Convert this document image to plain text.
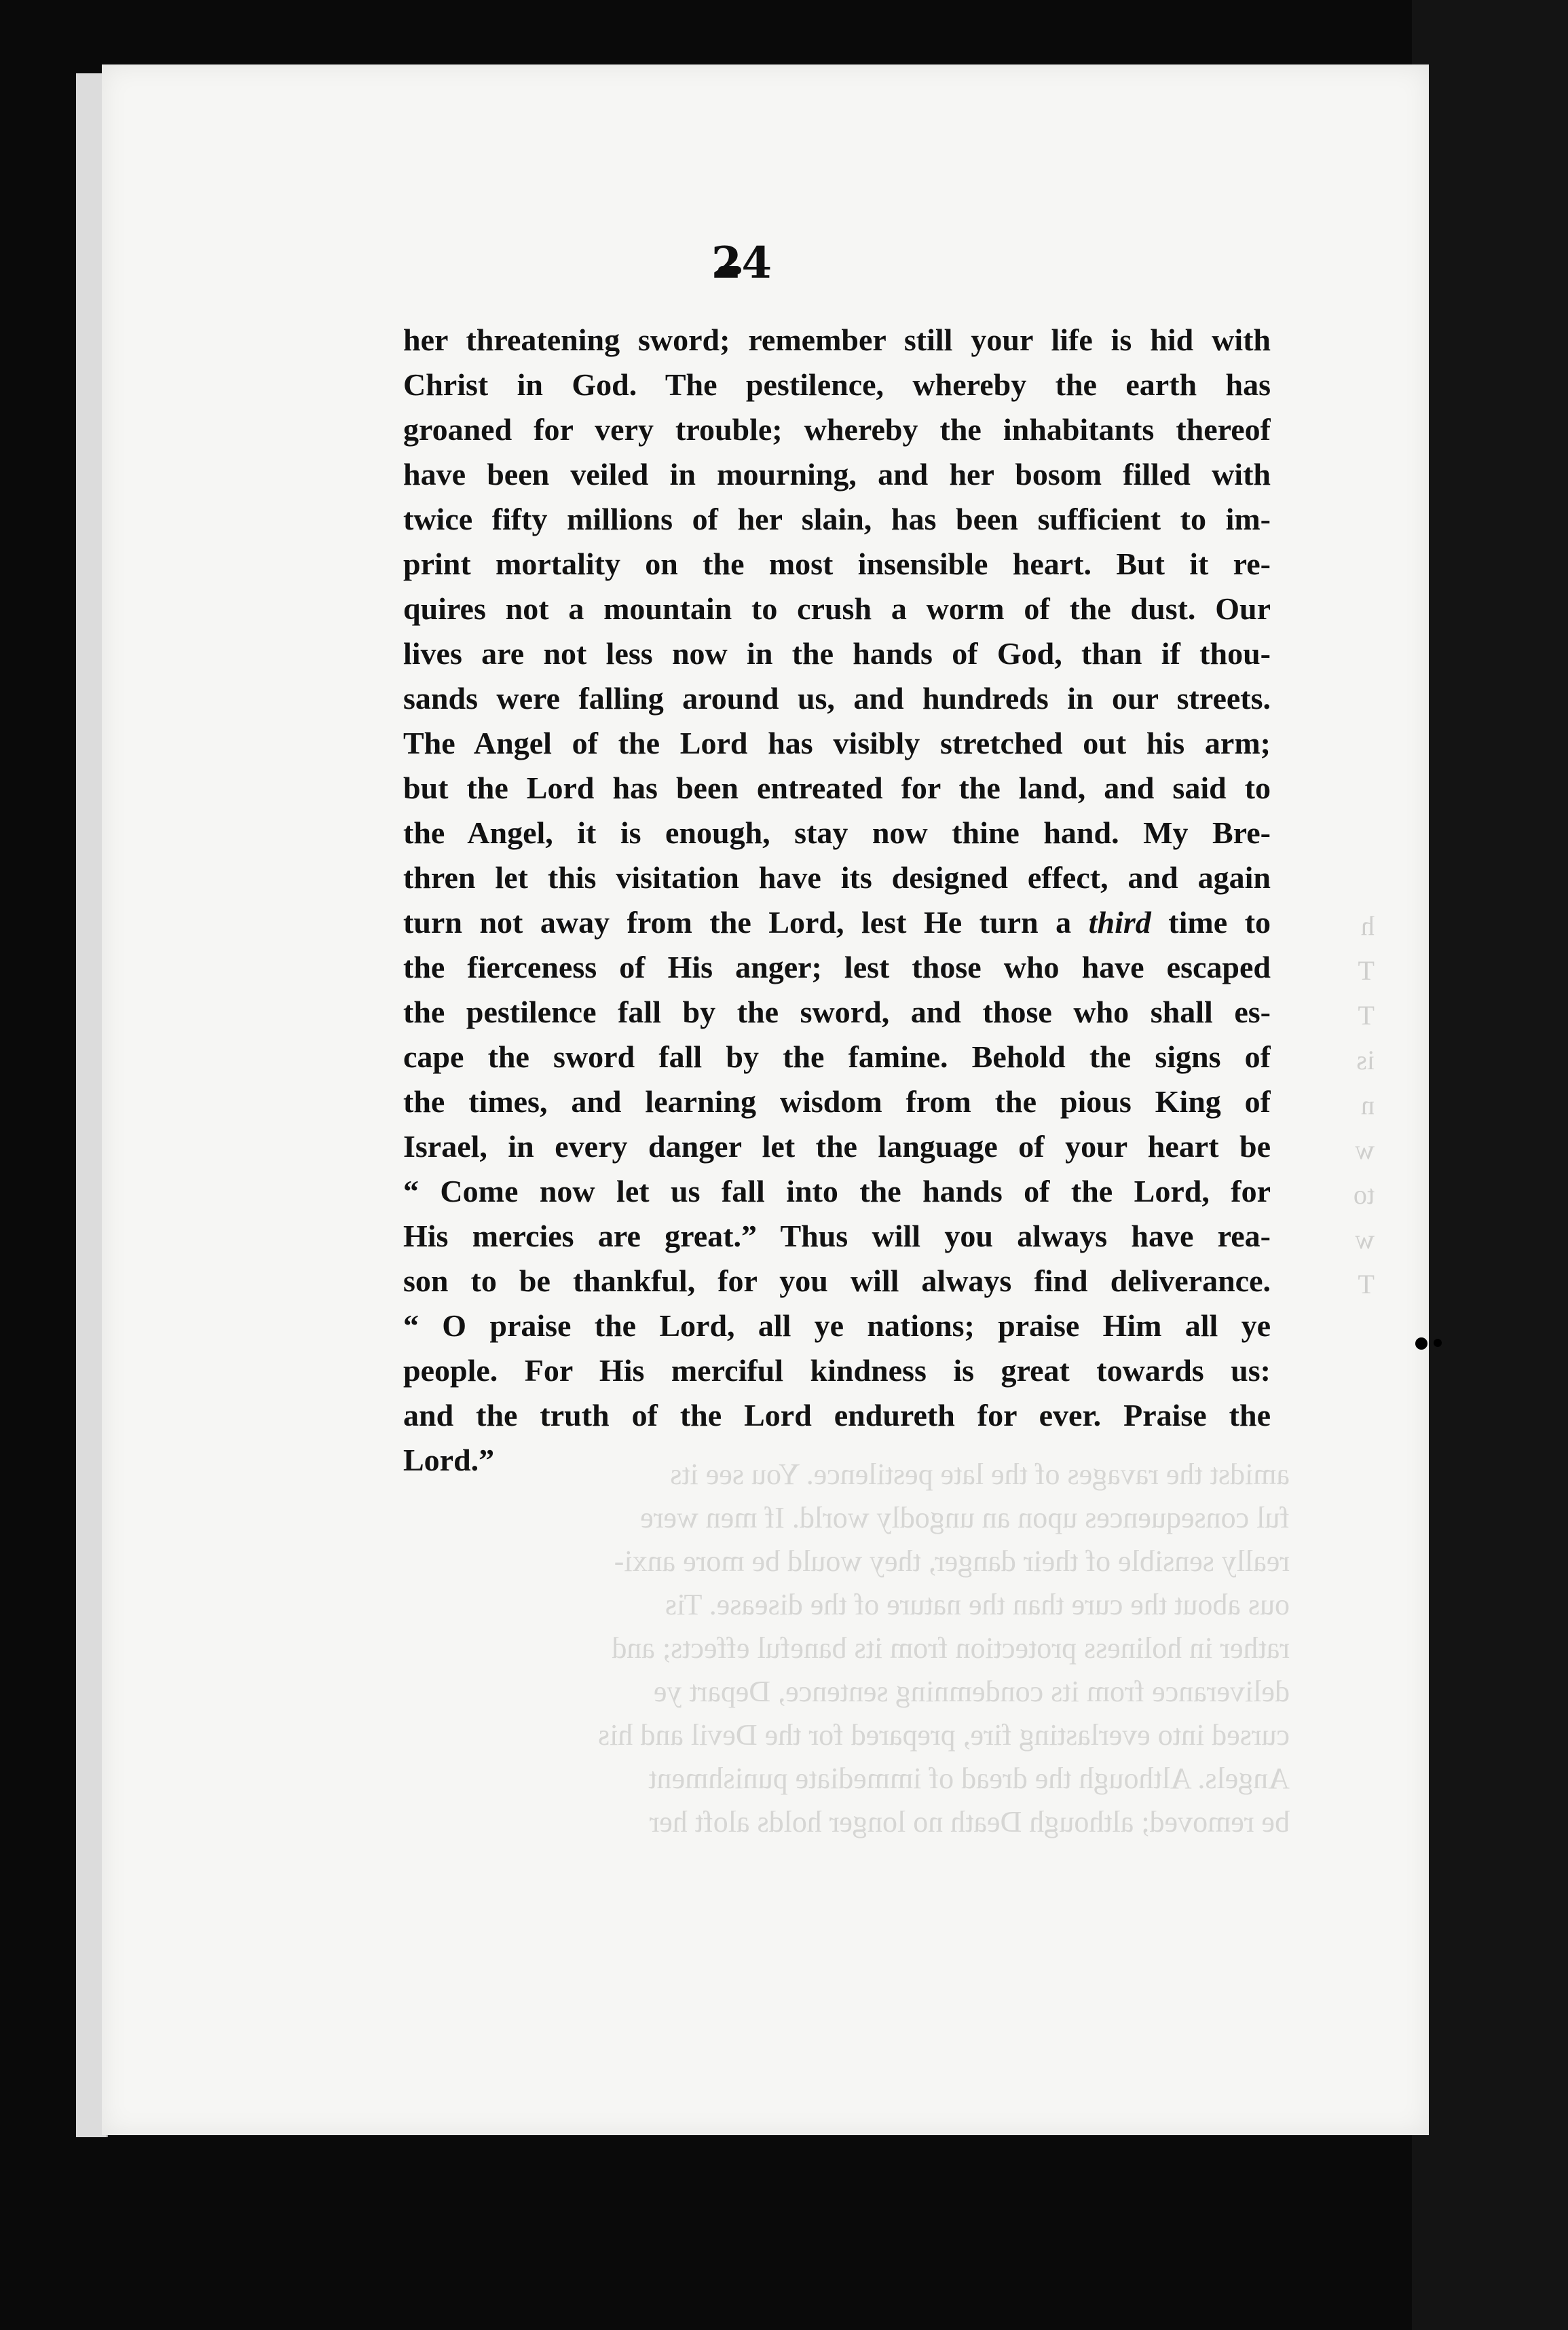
24
amidst the ravages of the late pestilence. You see its
ful consequences upon an ungodly world. If men were
really sensible of their danger, they would be more anxi-
ous about the cure than the nature of the disease. Tis
rather in holiness protection from its baneful effects; and
deliverance from its condemning sentence, Depart ye
cursed into everlasting fire, prepared for the Devil and his
Angels. Although the dread of immediate punishment
be removed; although Death no longer holds aloft her
h
T
T
is
n
w
to
w
T
her threatening sword; remember still your life is hid with
Christ in God. The pestilence, whereby the earth has
groaned for very trouble; whereby the inhabitants thereof
have been veiled in mourning, and her bosom filled with
twice fifty millions of her slain, has been sufficient to im-
print mortality on the most insensible heart. But it re-
quires not a mountain to crush a worm of the dust. Our
lives are not less now in the hands of God, than if thou-
sands were falling around us, and hundreds in our streets.
The Angel of the Lord has visibly stretched out his arm;
but the Lord has been entreated for the land, and said to
the Angel, it is enough, stay now thine hand. My Bre-
thren let this visitation have its designed effect, and again
turn not away from the Lord, lest He turn a third time to
the fierceness of His anger; lest those who have escaped
the pestilence fall by the sword, and those who shall es-
cape the sword fall by the famine. Behold the signs of
the times, and learning wisdom from the pious King of
Israel, in every danger let the language of your heart be
“ Come now let us fall into the hands of the Lord, for
His mercies are great.” Thus will you always have rea-
son to be thankful, for you will always find deliverance.
“ O praise the Lord, all ye nations; praise Him all ye
people. For His merciful kindness is great towards us:
and the truth of the Lord endureth for ever. Praise the
Lord.”
